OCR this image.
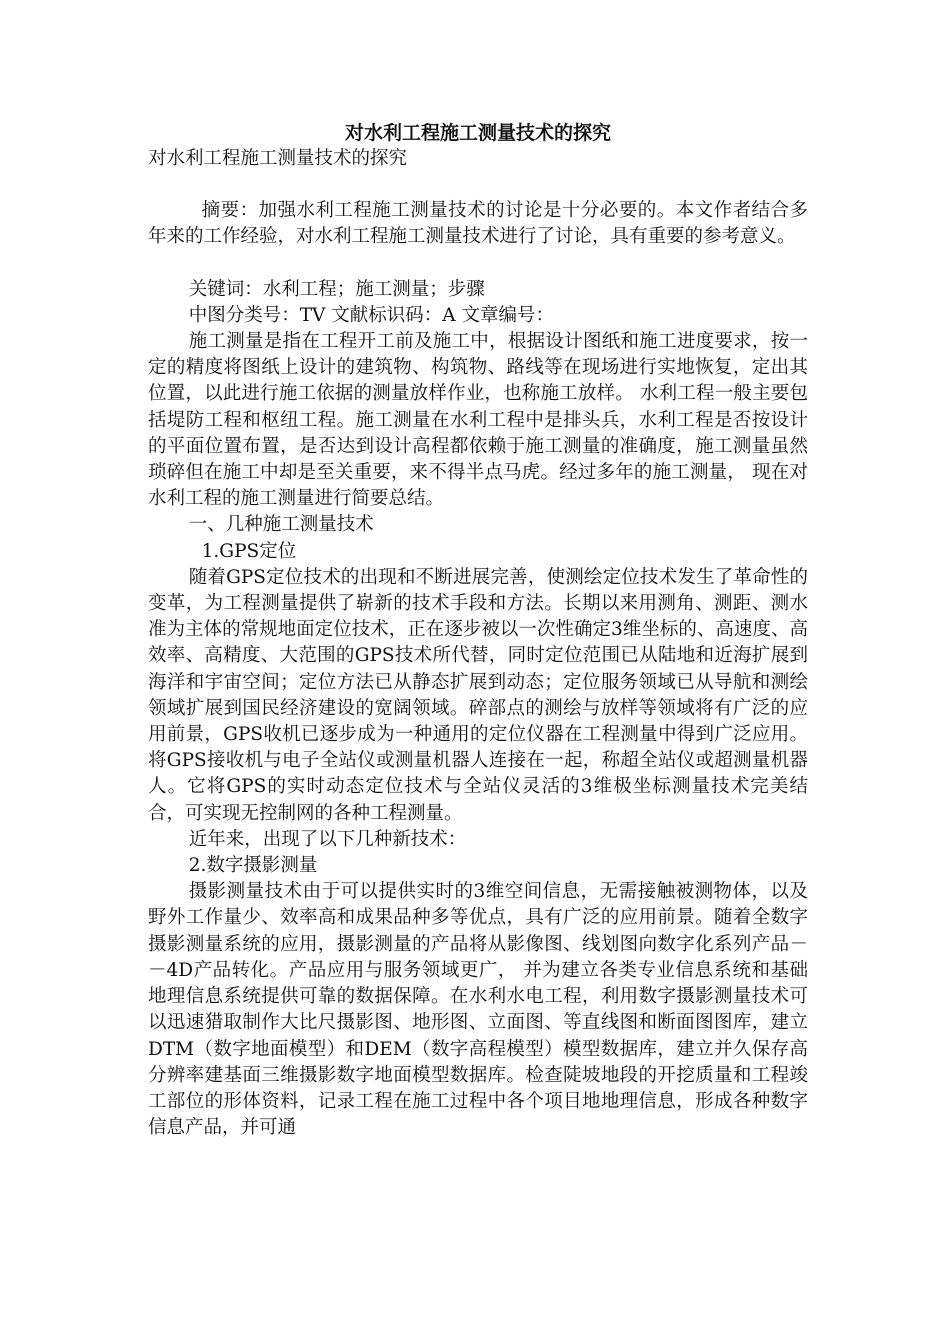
对水利工程施工测量技术的探究

对水利工程施工测量技术的探究

摘要：加强水利工程施工测量技术的讨论是十分必要的。本文作者结合多年来的工作经验，对水利工程施工测量技术进行了讨论，具有重要的参考意义。

关键词：水利工程；施工测量；步骤

中图分类号：TV 文献标识码：A 文章编号：

施工测量是指在工程开工前及施工中，根据设计图纸和施工进度要求，按一定的精度将图纸上设计的建筑物、构筑物、路线等在现场进行实地恢复，定出其位置，以此进行施工依据的测量放样作业，也称施工放样。 水利工程一般主要包括堤防工程和枢纽工程。施工测量在水利工程中是排头兵，水利工程是否按设计的平面位置布置，是否达到设计高程都依赖于施工测量的准确度，施工测量虽然琐碎但在施工中却是至关重要，来不得半点马虎。经过多年的施工测量， 现在对水利工程的施工测量进行简要总结。

一、几种施工测量技术

1.GPS定位

随着GPS定位技术的出现和不断进展完善，使测绘定位技术发生了革命性的变革，为工程测量提供了崭新的技术手段和方法。长期以来用测角、测距、测水准为主体的常规地面定位技术，正在逐步被以一次性确定3维坐标的、高速度、高效率、高精度、大范围的GPS技术所代替，同时定位范围已从陆地和近海扩展到海洋和宇宙空间；定位方法已从静态扩展到动态；定位服务领域已从导航和测绘领域扩展到国民经济建设的宽阔领域。碎部点的测绘与放样等领域将有广泛的应用前景，GPS收机已逐步成为一种通用的定位仪器在工程测量中得到广泛应用。将GPS接收机与电子全站仪或测量机器人连接在一起，称超全站仪或超测量机器人。它将GPS的实时动态定位技术与全站仪灵活的3维极坐标测量技术完美结合，可实现无控制网的各种工程测量。

近年来，出现了以下几种新技术：

2.数字摄影测量

摄影测量技术由于可以提供实时的3维空间信息，无需接触被测物体，以及野外工作量少、效率高和成果品种多等优点，具有广泛的应用前景。随着全数字摄影测量系统的应用，摄影测量的产品将从影像图、线划图向数字化系列产品－－4D产品转化。产品应用与服务领域更广， 并为建立各类专业信息系统和基础地理信息系统提供可靠的数据保障。在水利水电工程，利用数字摄影测量技术可以迅速猎取制作大比尺摄影图、地形图、立面图、等直线图和断面图图库，建立DTM（数字地面模型）和DEM（数字高程模型）模型数据库，建立并久保存高分辨率建基面三维摄影数字地面模型数据库。检查陡坡地段的开挖质量和工程竣工部位的形体资料，记录工程在施工过程中各个项目地地理信息，形成各种数字信息产品，并可通
